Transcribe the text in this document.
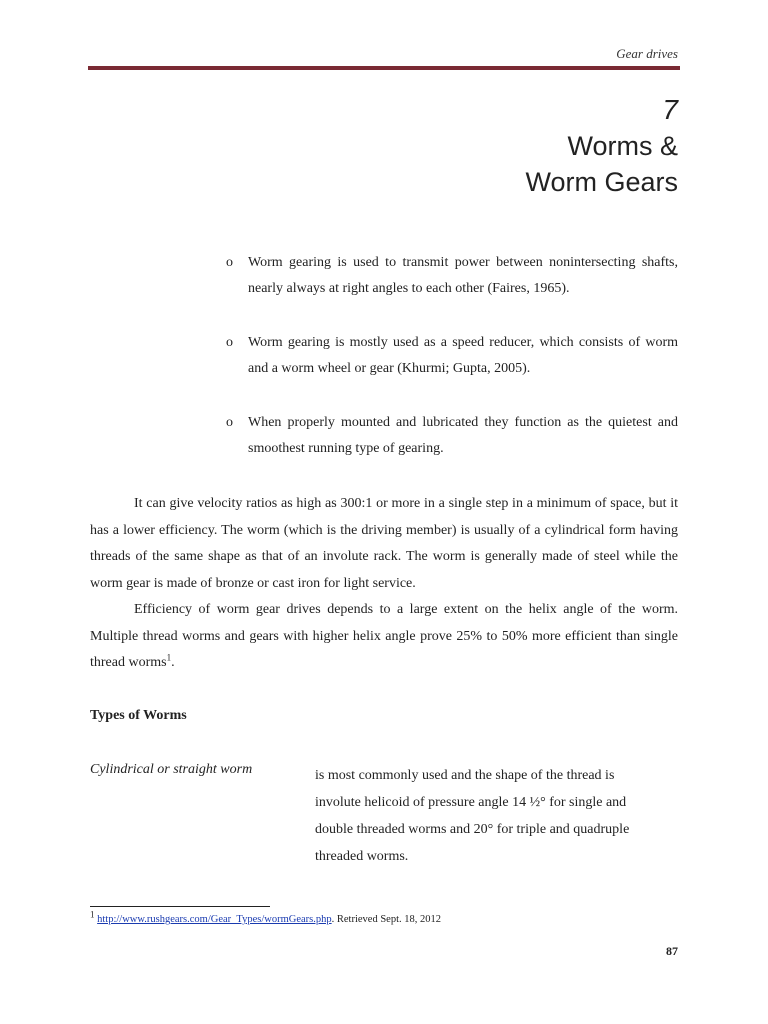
Gear drives
7
Worms &
Worm Gears
o Worm gearing is used to transmit power between nonintersecting shafts, nearly always at right angles to each other (Faires, 1965).
o Worm gearing is mostly used as a speed reducer, which consists of worm and a worm wheel or gear (Khurmi; Gupta, 2005).
o When properly mounted and lubricated they function as the quietest and smoothest running type of gearing.

It can give velocity ratios as high as 300:1 or more in a single step in a minimum of space, but it has a lower efficiency. The worm (which is the driving member) is usually of a cylindrical form having threads of the same shape as that of an involute rack. The worm is generally made of steel while the worm gear is made of bronze or cast iron for light service.

Efficiency of worm gear drives depends to a large extent on the helix angle of the worm. Multiple thread worms and gears with higher helix angle prove 25% to 50% more efficient than single thread worms$^1$.

Types of Worms
Cylindrical or straight worm	is most commonly used and the shape of the thread is involute helicoid of pressure angle 14 ½° for single and double threaded worms and 20° for triple and quadruple threaded worms.
$^1$ http://www.rushgears.com/Gear_Types/wormGears.php. Retrieved Sept. 18, 2012
87
